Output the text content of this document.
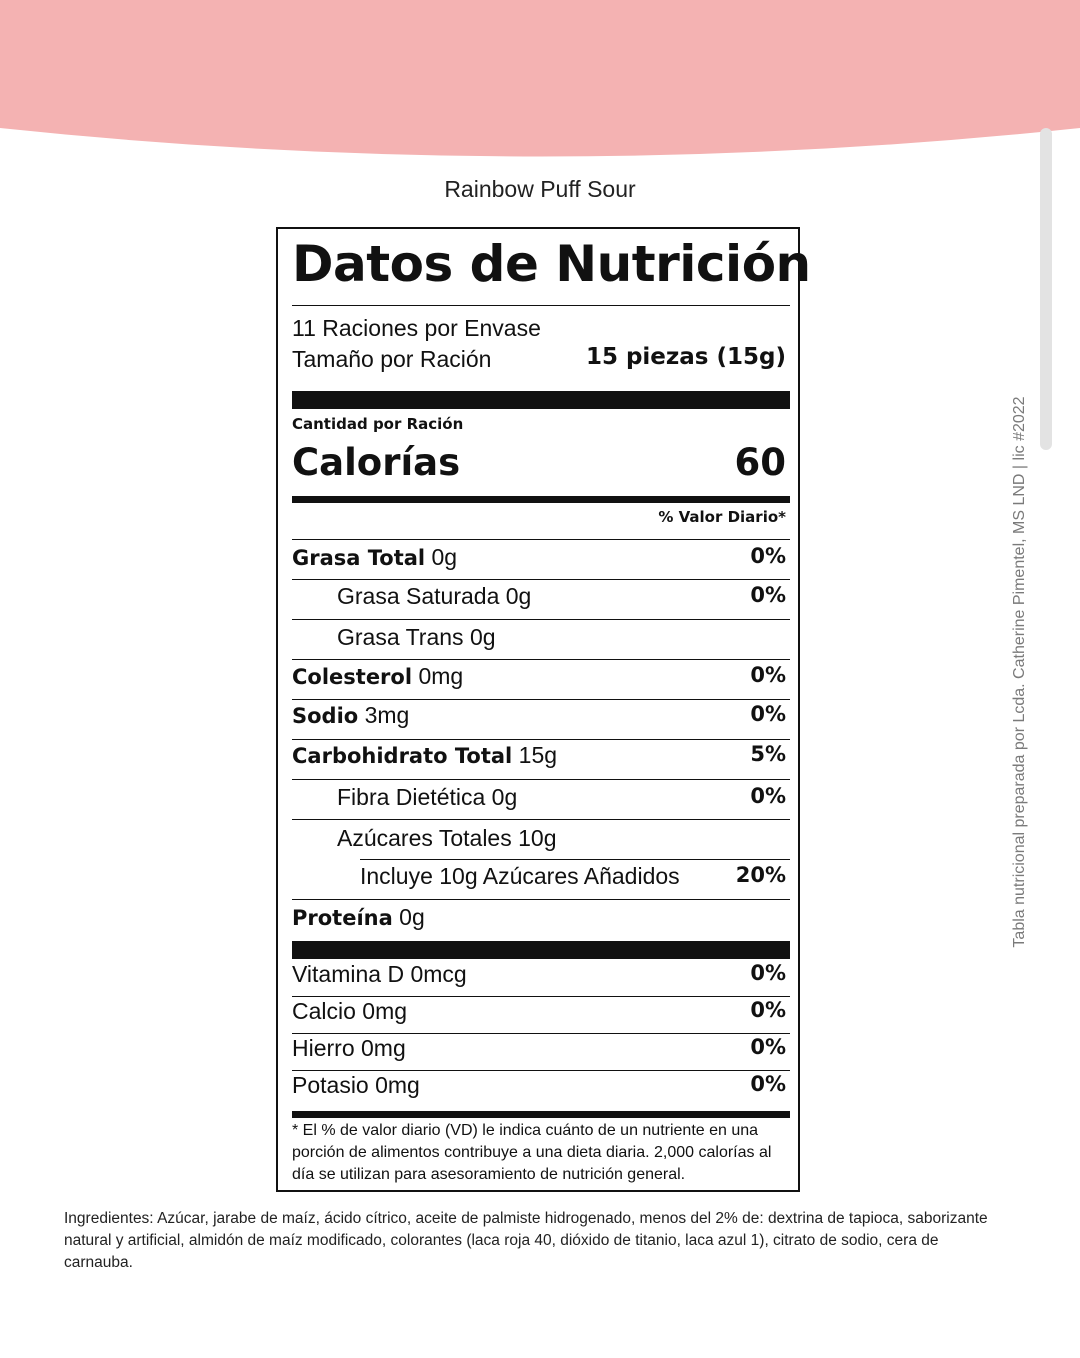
Rainbow Puff Sour
Tabla nutricional preparada por Lcda. Catherine Pimentel, MS LND | lic #2022
Datos de Nutrición
11 Raciones por Envase
Tamaño por Ración	15 piezas (15g)
Cantidad por Ración
Calorías	60
% Valor Diario*
Grasa Total 0g	0%
Grasa Saturada 0g	0%
Grasa Trans 0g
Colesterol 0mg	0%
Sodio 3mg	0%
Carbohidrato Total 15g	5%
Fibra Dietética 0g	0%
Azúcares Totales 10g
Incluye 10g Azúcares Añadidos	20%
Proteína 0g
Vitamina D 0mcg	0%
Calcio 0mg	0%
Hierro 0mg	0%
Potasio 0mg	0%
* El % de valor diario (VD) le indica cuánto de un nutriente en una porción de alimentos contribuye a una dieta diaria. 2,000 calorías al día se utilizan para asesoramiento de nutrición general.
Ingredientes: Azúcar, jarabe de maíz, ácido cítrico, aceite de palmiste hidrogenado, menos del 2% de: dextrina de tapioca, saborizante natural y artificial, almidón de maíz modificado, colorantes (laca roja 40, dióxido de titanio, laca azul 1), citrato de sodio, cera de carnauba.
